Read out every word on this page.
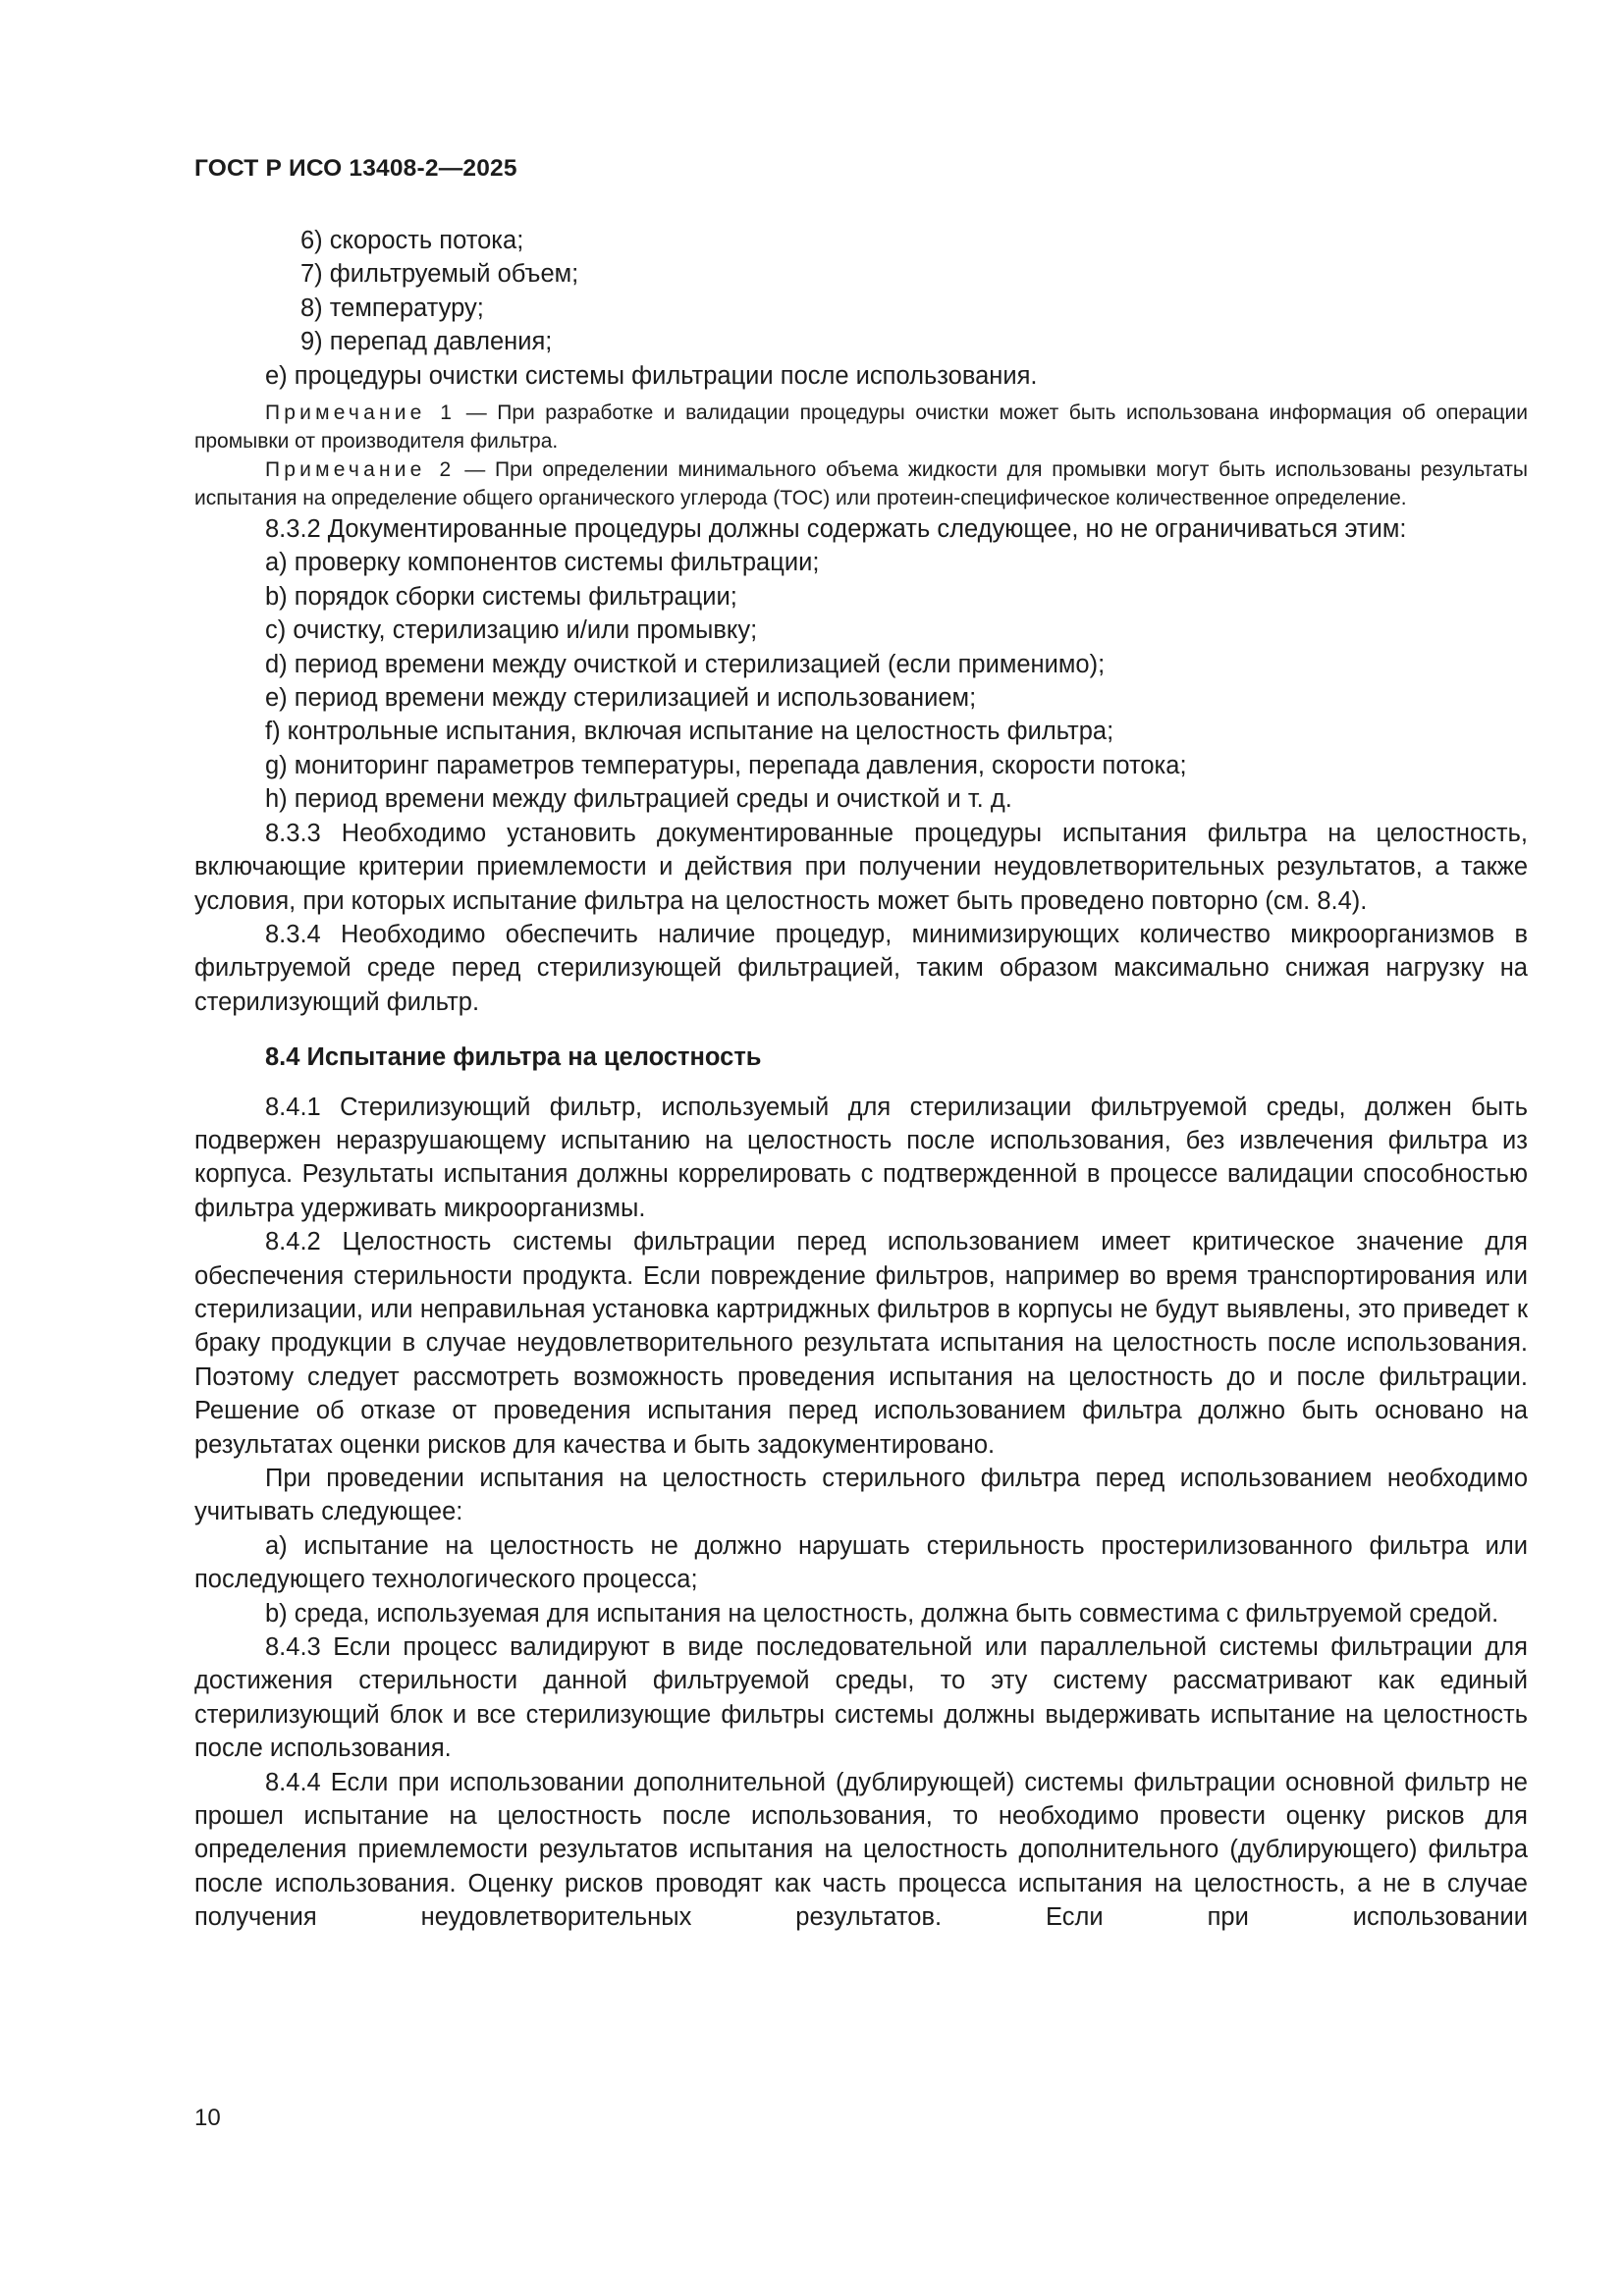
ГОСТ Р ИСО 13408-2—2025

6) скорость потока;

7) фильтруемый объем;

8) температуру;

9) перепад давления;

е) процедуры очистки системы фильтрации после использования.

Примечание 1 — При разработке и валидации процедуры очистки может быть использована информация об операции промывки от производителя фильтра.

Примечание 2 — При определении минимального объема жидкости для промывки могут быть использованы результаты испытания на определение общего органического углерода (TOC) или протеин-специфическое количественное определение.

8.3.2 Документированные процедуры должны содержать следующее, но не ограничиваться этим:

a) проверку компонентов системы фильтрации;

b) порядок сборки системы фильтрации;

c) очистку, стерилизацию и/или промывку;

d) период времени между очисткой и стерилизацией (если применимо);

e) период времени между стерилизацией и использованием;

f) контрольные испытания, включая испытание на целостность фильтра;

g) мониторинг параметров температуры, перепада давления, скорости потока;

h) период времени между фильтрацией среды и очисткой и т. д.

8.3.3 Необходимо установить документированные процедуры испытания фильтра на целостность, включающие критерии приемлемости и действия при получении неудовлетворительных результатов, а также условия, при которых испытание фильтра на целостность может быть проведено повторно (см. 8.4).

8.3.4 Необходимо обеспечить наличие процедур, минимизирующих количество микроорганизмов в фильтруемой среде перед стерилизующей фильтрацией, таким образом максимально снижая нагрузку на стерилизующий фильтр.

8.4 Испытание фильтра на целостность

8.4.1 Стерилизующий фильтр, используемый для стерилизации фильтруемой среды, должен быть подвержен неразрушающему испытанию на целостность после использования, без извлечения фильтра из корпуса. Результаты испытания должны коррелировать с подтвержденной в процессе валидации способностью фильтра удерживать микроорганизмы.

8.4.2 Целостность системы фильтрации перед использованием имеет критическое значение для обеспечения стерильности продукта. Если повреждение фильтров, например во время транспортирования или стерилизации, или неправильная установка картриджных фильтров в корпусы не будут выявлены, это приведет к браку продукции в случае неудовлетворительного результата испытания на целостность после использования. Поэтому следует рассмотреть возможность проведения испытания на целостность до и после фильтрации. Решение об отказе от проведения испытания перед использованием фильтра должно быть основано на результатах оценки рисков для качества и быть задокументировано.

При проведении испытания на целостность стерильного фильтра перед использованием необходимо учитывать следующее:

a) испытание на целостность не должно нарушать стерильность простерилизованного фильтра или последующего технологического процесса;

b) среда, используемая для испытания на целостность, должна быть совместима с фильтруемой средой.

8.4.3 Если процесс валидируют в виде последовательной или параллельной системы фильтрации для достижения стерильности данной фильтруемой среды, то эту систему рассматривают как единый стерилизующий блок и все стерилизующие фильтры системы должны выдерживать испытание на целостность после использования.

8.4.4 Если при использовании дополнительной (дублирующей) системы фильтрации основной фильтр не прошел испытание на целостность после использования, то необходимо провести оценку рисков для определения приемлемости результатов испытания на целостность дополнительного (дублирующего) фильтра после использования. Оценку рисков проводят как часть процесса испытания на целостность, а не в случае получения неудовлетворительных результатов. Если при использовании

10
